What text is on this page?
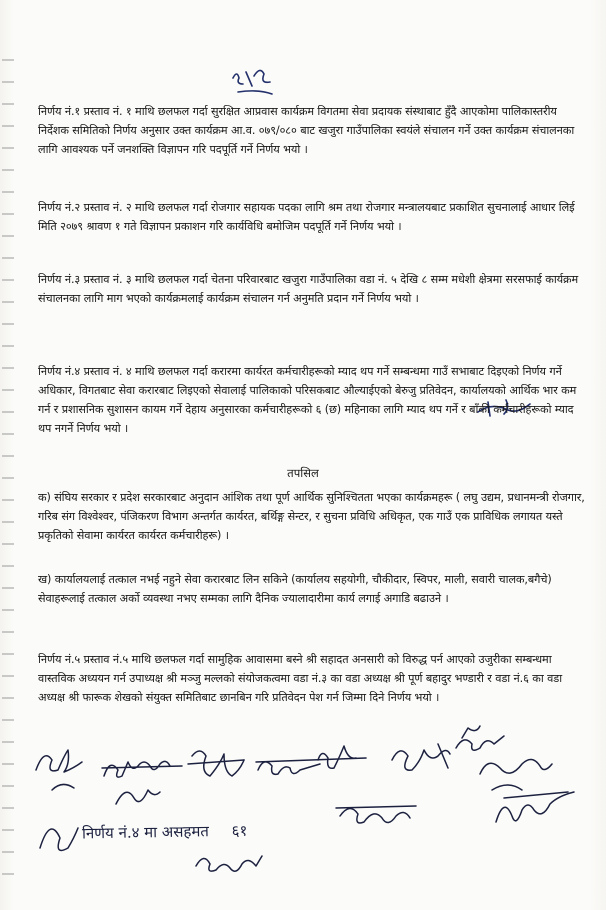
निर्णय नं.१ प्रस्ताव नं. १ माथि छलफल गर्दा सुरक्षित आप्रवास कार्यक्रम विगतमा सेवा प्रदायक संस्थाबाट हुँदै आएकोमा पालिकास्तरीय निर्देशक समितिको निर्णय अनुसार उक्त कार्यक्रम आ.व. ०७९/०८० बाट खजुरा गाउँपालिका स्वयंले संचालन गर्ने उक्त कार्यक्रम संचालनका लागि आवश्यक पर्ने जनशक्ति विज्ञापन गरि पदपूर्ति गर्ने निर्णय भयो ।

निर्णय नं.२ प्रस्ताव नं. २ माथि छलफल गर्दा रोजगार सहायक पदका लागि श्रम तथा रोजगार मन्त्रालयबाट प्रकाशित सुचनालाई आधार लिई मिति २०७९ श्रावण १ गते विज्ञापन प्रकाशन गरि कार्यविधि बमोजिम पदपूर्ति गर्ने निर्णय भयो ।

निर्णय नं.३ प्रस्ताव नं. ३ माथि छलफल गर्दा चेतना परिवारबाट खजुरा गाउँपालिका वडा नं. ५ देखि ८ सम्म मधेशी क्षेत्रमा सरसफाई कार्यक्रम संचालनका लागि माग भएको कार्यक्रमलाई कार्यक्रम संचालन गर्न अनुमति प्रदान गर्ने निर्णय भयो ।

निर्णय नं.४ प्रस्ताव नं. ४ माथि छलफल गर्दा करारमा कार्यरत कर्मचारीहरूको म्याद थप गर्ने सम्बन्धमा गाउँ सभाबाट दिइएको निर्णय गर्ने अधिकार, विगतबाट सेवा करारबाट लिइएको सेवालाई पालिकाको परिसकबाट औल्याईएको बेरुजु प्रतिवेदन, कार्यालयको आर्थिक भार कम गर्न र प्रशासनिक सुशासन कायम गर्ने देहाय अनुसारका कर्मचारीहरूको ६ (छ) महिनाका लागि म्याद थप गर्ने र बाँकी कर्मचारीहरूको म्याद थप नगर्ने निर्णय भयो ।

तपसिल

क) संघिय सरकार र प्रदेश सरकारबाट अनुदान आंशिक तथा पूर्ण आर्थिक सुनिश्चितता भएका कार्यक्रमहरू ( लघु उद्यम, प्रधानमन्त्री रोजगार, गरिब संग विश्वेश्वर, पंजिकरण विभाग अन्तर्गत कार्यरत, बर्थिङ्ग सेन्टर, र सुचना प्रविधि अधिकृत, एक गाउँ एक प्राविधिक लगायत यस्ते प्रकृतिको सेवामा कार्यरत कार्यरत कर्मचारीहरू) ।

ख) कार्यालयलाई तत्काल नभई नहुने सेवा करारबाट लिन सकिने (कार्यालय सहयोगी, चौकीदार, स्विपर, माली, सवारी चालक,बगैचे) सेवाहरूलाई तत्काल अर्को व्यवस्था नभए सम्मका लागि दैनिक ज्यालादारीमा कार्य लगाई अगाडि बढाउने ।

निर्णय नं.५ प्रस्ताव नं.५ माथि छलफल गर्दा सामुहिक आवासमा बस्ने श्री सहादत अनसारी को विरुद्ध पर्न आएको उजुरीका सम्बन्धमा वास्तविक अध्ययन गर्न उपाध्यक्ष श्री मञ्जु मल्लको संयोजकत्वमा वडा नं.३ का वडा अध्यक्ष श्री पूर्ण बहादुर भण्डारी र वडा नं.६ का वडा अध्यक्ष श्री फारूक शेखको संयुक्त समितिबाट छानबिन गरि प्रतिवेदन पेश गर्न जिम्मा दिने निर्णय भयो ।

निर्णय नं.४ मा असहमत ६१
